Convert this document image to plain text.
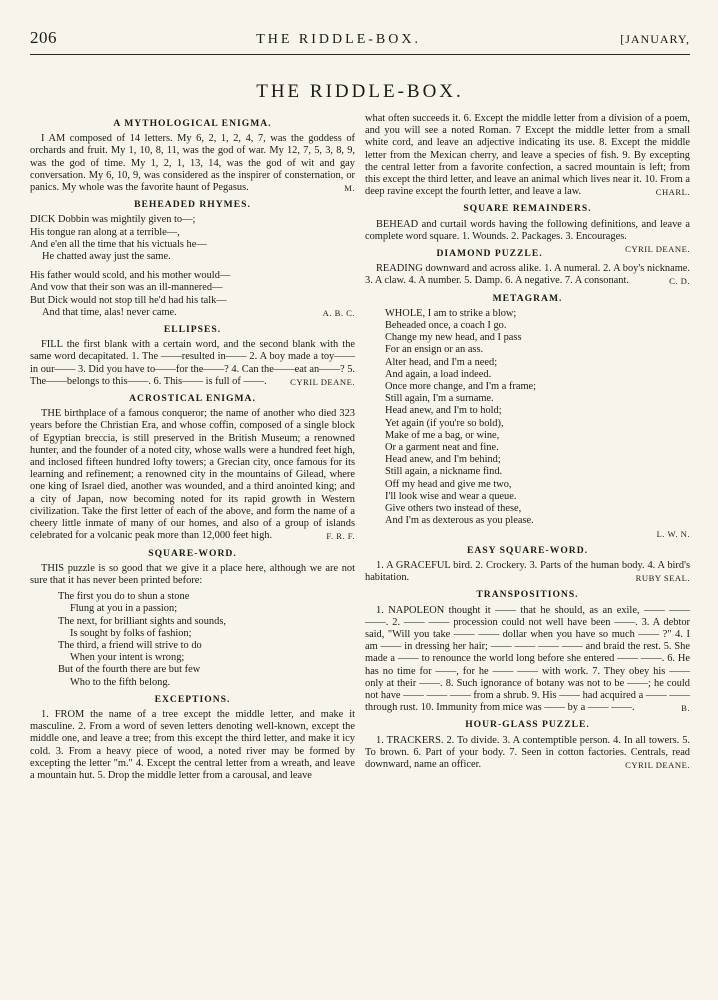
206	THE RIDDLE-BOX.	[JANUARY,
THE RIDDLE-BOX.
A MYTHOLOGICAL ENIGMA.

I AM composed of 14 letters. My 6, 2, 1, 2, 4, 7, was the goddess of orchards and fruit. My 1, 10, 8, 11, was the god of war. My 12, 7, 5, 3, 8, 9, was the god of time. My 1, 2, 1, 13, 14, was the god of wit and gay conversation. My 6, 10, 9, was considered as the inspirer of consternation, or panics. My whole was the favorite haunt of Pegasus.	M.

BEHEADED RHYMES.
DICK Dobbin was mightily given to—;
His tongue ran along at a terrible—,
And e'en all the time that his victuals he—
He chatted away just the same.
His father would scold, and his mother would—
And vow that their son was an ill-mannered—
But Dick would not stop till he'd had his talk—
And that time, alas! never came.	A. B. C.
ELLIPSES.

FILL the first blank with a certain word, and the second blank with the same word decapitated. 1. The ——resulted in—— 2. A boy made a toy——in our—— 3. Did you have to——for the——? 4. Can the——eat an——? 5. The——belongs to this——. 6. This—— is full of ——.	CYRIL DEANE.

ACROSTICAL ENIGMA.

THE birthplace of a famous conqueror; the name of another who died 323 years before the Christian Era, and whose coffin, composed of a single block of Egyptian breccia, is still preserved in the British Museum; a renowned hunter, and the founder of a noted city, whose walls were a hundred feet high, and inclosed fifteen hundred lofty towers; a Grecian city, once famous for its learning and refinement; a renowned city in the mountains of Gilead, where one king of Israel died, another was wounded, and a third anointed king; and a city of Japan, now becoming noted for its rapid growth in Western civilization. Take the first letter of each of the above, and form the name of a cheery little inmate of many of our homes, and also of a group of islands celebrated for a volcanic peak more than 12,000 feet high.	F. R. F.

SQUARE-WORD.

THIS puzzle is so good that we give it a place here, although we are not sure that it has never been printed before:

The first you do to shun a stone
Flung at you in a passion;
The next, for brilliant sights and sounds,
Is sought by folks of fashion;
The third, a friend will strive to do
When your intent is wrong;
But of the fourth there are but few
Who to the fifth belong.
EXCEPTIONS.

1. FROM the name of a tree except the middle letter, and make it masculine. 2. From a word of seven letters denoting well-known, except the middle one, and leave a tree; from this except the third letter, and make it icy cold. 3. From a heavy piece of wood, a noted river may be formed by excepting the letter "m." 4. Except the central letter from a wreath, and leave a mountain hut. 5. Drop the middle letter from a carousal, and leave

what often succeeds it. 6. Except the middle letter from a division of a poem, and you will see a noted Roman. 7 Except the middle letter from a small white cord, and leave an adjective indicating its use. 8. Except the middle letter from the Mexican cherry, and leave a species of fish. 9. By excepting the central letter from a favorite confection, a sacred mountain is left; from this except the third letter, and leave an animal which lives near it. 10. From a deep ravine except the fourth letter, and leave a law.	CHARL.

SQUARE REMAINDERS.

BEHEAD and curtail words having the following definitions, and leave a complete word square. 1. Wounds. 2. Packages. 3. Encourages.
CYRIL DEANE.

DIAMOND PUZZLE.

READING downward and across alike. 1. A numeral. 2. A boy's nickname. 3. A claw. 4. A number. 5. Damp. 6. A negative. 7. A consonant.	C. D.

METAGRAM.
WHOLE, I am to strike a blow;
Beheaded once, a coach I go.
Change my new head, and I pass
For an ensign or an ass.
Alter head, and I'm a need;
And again, a load indeed.
Once more change, and I'm a frame;
Still again, I'm a surname.
Head anew, and I'm to hold;
Yet again (if you're so bold),
Make of me a bag, or wine,
Or a garment neat and fine.
Head anew, and I'm behind;
Still again, a nickname find.
Off my head and give me two,
I'll look wise and wear a queue.
Give others two instead of these,
And I'm as dexterous as you please.
L. W. N.
EASY SQUARE-WORD.

1. A GRACEFUL bird. 2. Crockery. 3. Parts of the human body. 4. A bird's habitation.	RUBY SEAL.

TRANSPOSITIONS.

1. NAPOLEON thought it —— that he should, as an exile, —— —— ——. 2. —— —— procession could not well have been ——. 3. A debtor said, "Will you take —— —— dollar when you have so much —— ?" 4. I am —— in dressing her hair; —— —— —— —— and braid the rest. 5. She made a —— to renounce the world long before she entered —— ——. 6. He has no time for ——, for he —— —— with work. 7. They obey his —— only at their ——. 8. Such ignorance of botany was not to be ——; he could not have —— —— —— from a shrub. 9. His —— had acquired a —— —— through rust. 10. Immunity from mice was —— by a —— ——.	B.

HOUR-GLASS PUZZLE.

1. TRACKERS. 2. To divide. 3. A contemptible person. 4. In all towers. 5. To brown. 6. Part of your body. 7. Seen in cotton factories. Centrals, read downward, name an officer.	CYRIL DEANE.
